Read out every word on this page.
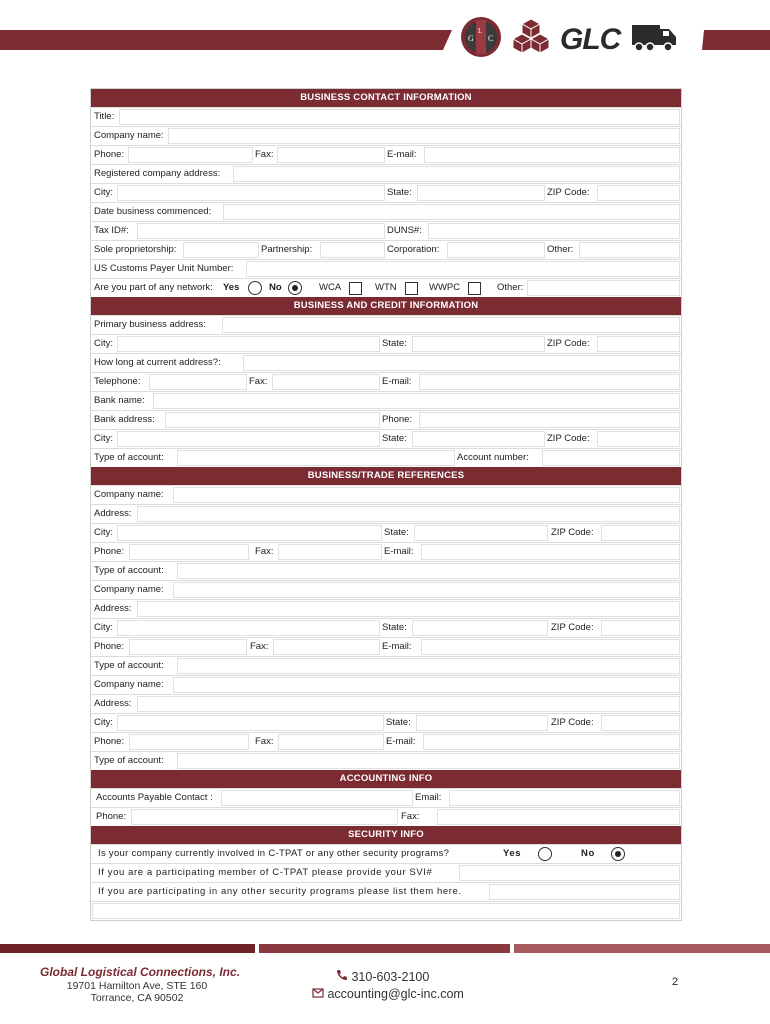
G
L
C GLC
BUSINESS CONTACT INFORMATION
Title:
Company name:
Phone:	Fax:	E-mail:
Registered company address:
City:	State:	ZIP Code:
Date business commenced:
Tax ID#:	DUNS#:
Sole proprietorship:	Partnership:	Corporation:	Other:
US Customs Payer Unit Number:
Are you part of any network: Yes	No	WCA	WTN	WWPC	Other:
BUSINESS AND CREDIT INFORMATION
Primary business address:
City:	State:	ZIP Code:
How long at current address?:
Telephone:	Fax:	E-mail:
Bank name:
Bank address:	Phone:
City:	State:	ZIP Code:
Type of account:	Account number:
BUSINESS/TRADE REFERENCES
Company name:
Address:
City:	State:	ZIP Code:
Phone:	Fax:	E-mail:
Type of account:
Company name:
Address:
City:	State:	ZIP Code:
Phone:	Fax:	E-mail:
Type of account:
Company name:
Address:
City:	State:	ZIP Code:
Phone:	Fax:	E-mail:
Type of account:
ACCOUNTING INFO
Accounts Payable Contact :	Email:
Phone:	Fax:
SECURITY INFO
Is your company currently involved in C-TPAT or any other security programs?	Yes	No
If you are a participating member of C-TPAT please provide your SVI#
If you are participating in any other security programs please list them here.
Global Logistical Connections, Inc.
19701 Hamilton Ave, STE 160
Torrance, CA 90502
310-603-2100
accounting@glc-inc.com
2
